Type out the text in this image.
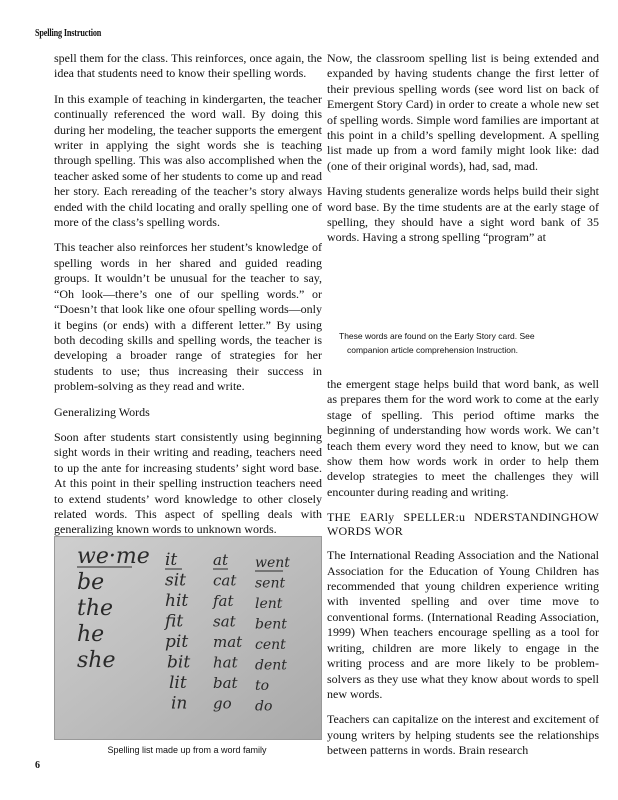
Spelling Instruction

spell them for the class. This reinforces, once again, the idea that students need to know their spelling words.

In this example of teaching in kindergarten, the teacher continually referenced the word wall. By doing this during her modeling, the teacher supports the emergent writer in applying the sight words she is teaching through spelling. This was also accomplished when the teacher asked some of her students to come up and read her story. Each rereading of the teacher’s story always ended with the child locating and orally spelling one of more of the class’s spelling words.

This teacher also reinforces her student’s knowledge of spelling words in her shared and guided reading groups. It wouldn’t be unusual for the teacher to say, “Oh look—there’s one of our spelling words.” or “Doesn’t that look like one ofour spelling words—only it begins (or ends) with a different letter.” By using both decoding skills and spelling words, the teacher is developing a broader range of strategies for her students to use; thus increasing their success in problem-solving as they read and write.

Generalizing Words

Soon after students start consistently using beginning sight words in their writing and reading, teachers need to up the ante for increasing students’ sight word base. At this point in their spelling instruction teachers need to extend students’ word knowledge to other closely related words. This aspect of spelling deals with generalizing known words to unknown words.

Now, the classroom spelling list is being extended and expanded by having students change the first letter of their previous spelling words (see word list on back of Emergent Story Card) in order to create a whole new set of spelling words. Simple word families are important at this point in a child’s spelling development. A spelling list made up from a word family might look like: dad (one of their original words), had, sad, mad.

Having students generalize words helps build their sight word base. By the time students are at the early stage of spelling, they should have a sight word bank of 35 words. Having a strong spelling “program” at

These words are found on the Early Story card. See
companion article comprehension Instruction.

the emergent stage helps build that word bank, as well as prepares them for the word work to come at the early stage of spelling. This period oftime marks the beginning of understanding how words work. We can’t teach them every word they need to know, but we can show them how words work in order to help them develop strategies to meet the challenges they will encounter during reading and writing.

THE EARly SPELLER:u NDERSTANDINGHOW WORDS WOR

The International Reading Association and the National Association for the Education of Young Children has recommended that young children experience writing with invented spelling and over time move to conventional forms. (International Reading Association, 1999) When teachers encourage spelling as a tool for writing, children are more likely to engage in the writing process and are more likely to be problem-solvers as they use what they know about words to spell new words.

Teachers can capitalize on the interest and excitement of young writers by helping students see the relationships between patterns in words. Brain research

we·me
be
the
he
she
it
sit
hit
fit
pit
bit
lit
in
at
cat
fat
sat
mat
hat
bat
go
went
sent
lent
bent
cent
dent
to
do
Spelling list made up from a word family
6
